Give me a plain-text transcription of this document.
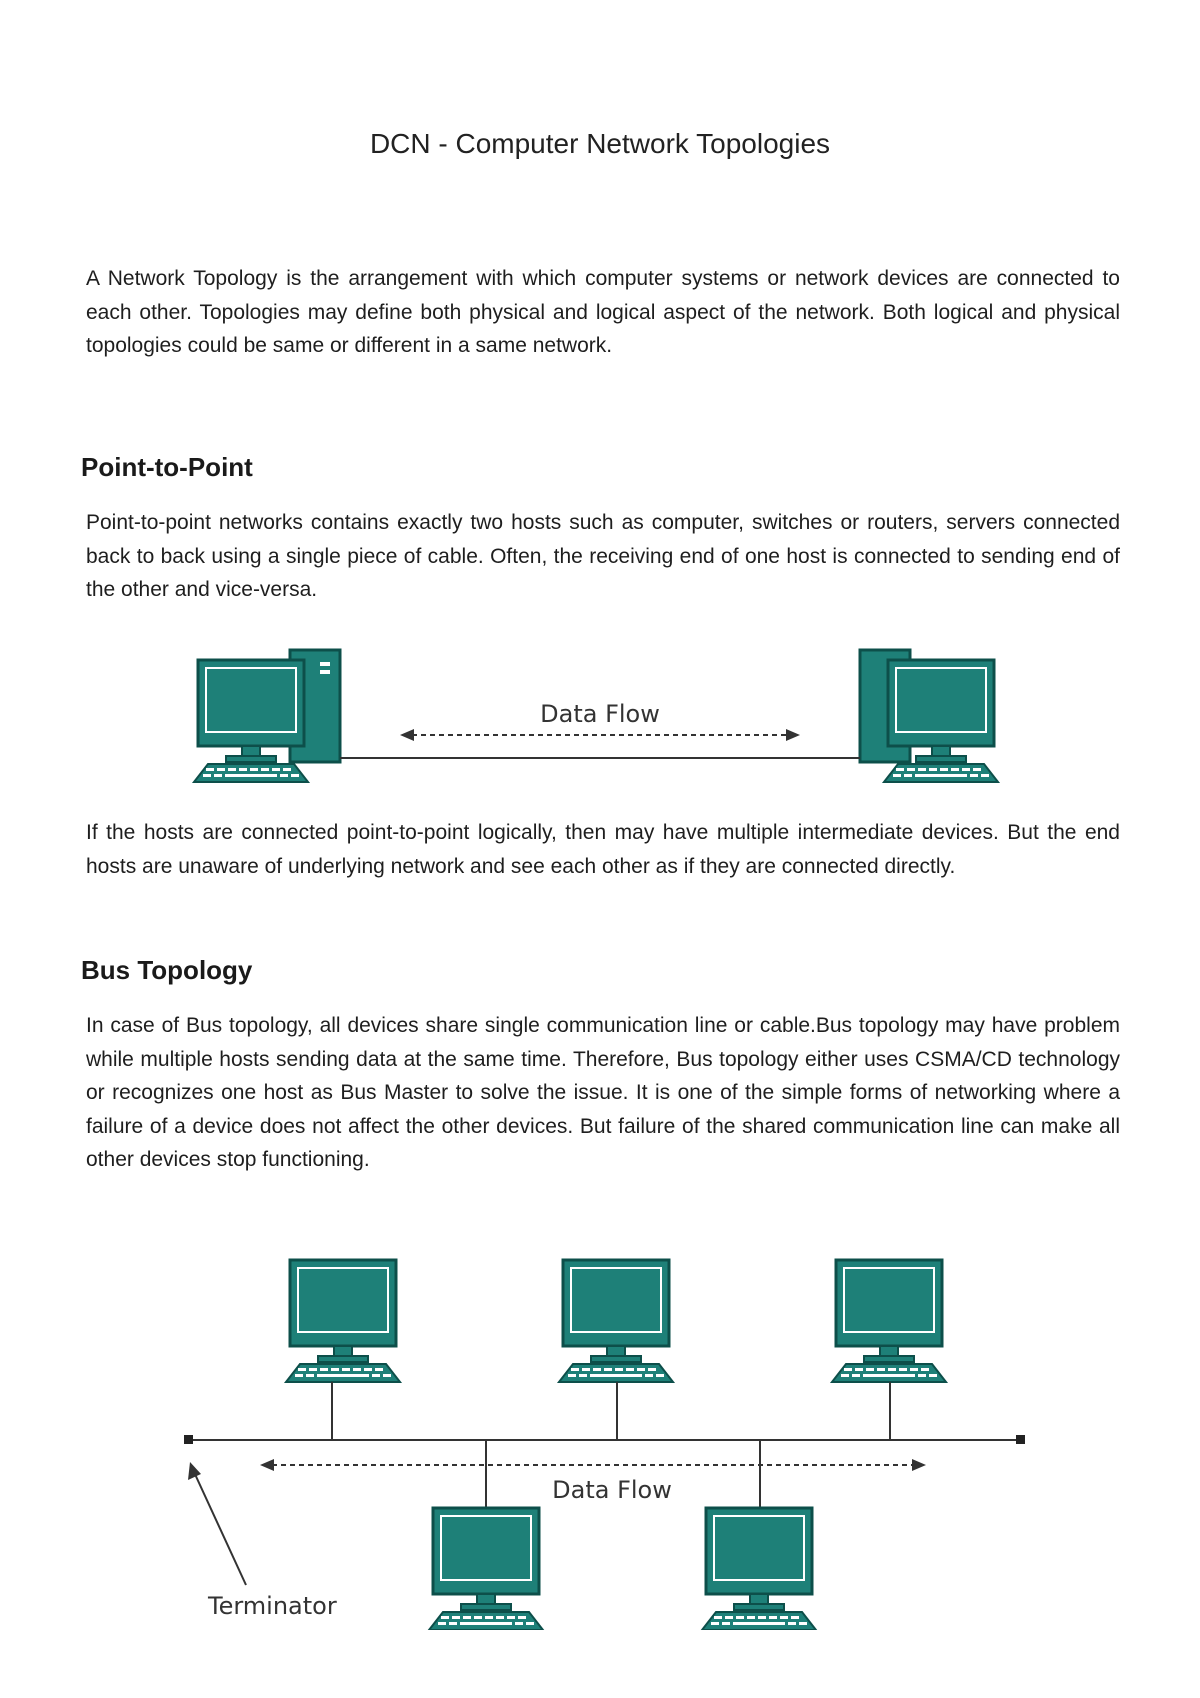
DCN - Computer Network Topologies
A Network Topology is the arrangement with which computer systems or network devices are connected to each other. Topologies may define both physical and logical aspect of the network. Both logical and physical topologies could be same or different in a same network.
Point-to-Point
Point-to-point networks contains exactly two hosts such as computer, switches or routers, servers connected back to back using a single piece of cable. Often, the receiving end of one host is connected to sending end of the other and vice-versa.
Data Flow
If the hosts are connected point-to-point logically, then may have multiple intermediate devices. But the end hosts are unaware of underlying network and see each other as if they are connected directly.
Bus Topology
In case of Bus topology, all devices share single communication line or cable.Bus topology may have problem while multiple hosts sending data at the same time. Therefore, Bus topology either uses CSMA/CD technology or recognizes one host as Bus Master to solve the issue. It is one of the simple forms of networking where a failure of a device does not affect the other devices. But failure of the shared communication line can make all other devices stop functioning.
Data Flow
Terminator
